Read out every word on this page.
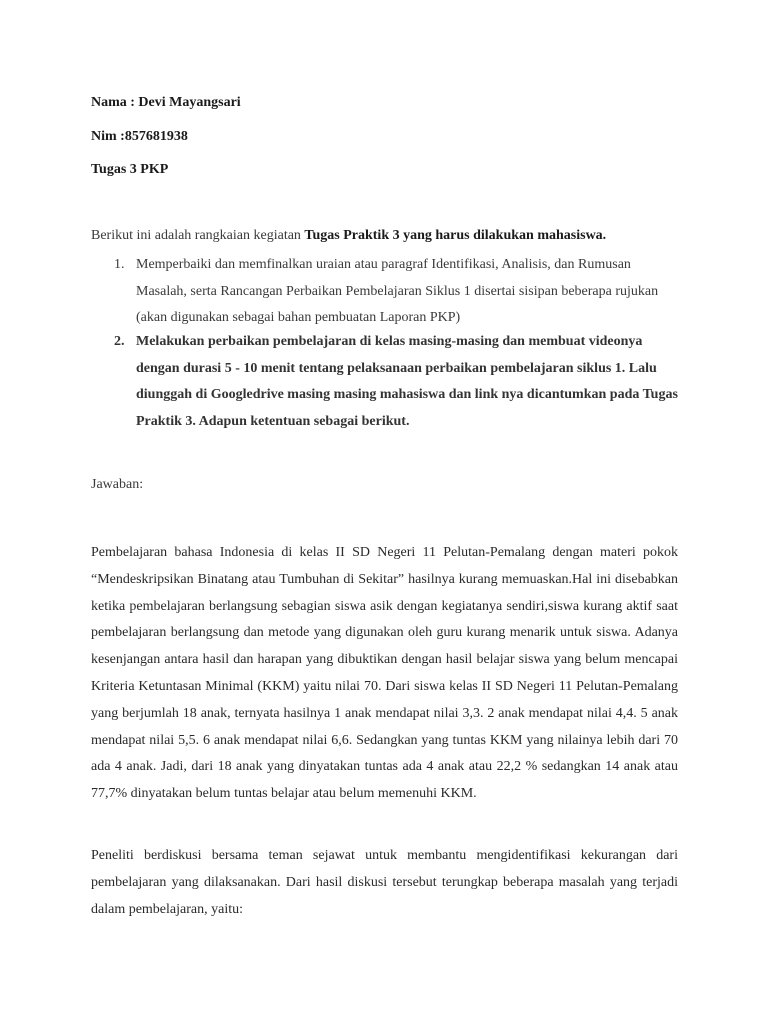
Nama : Devi Mayangsari
Nim :857681938
Tugas 3 PKP
Berikut ini adalah rangkaian kegiatan Tugas Praktik 3 yang harus dilakukan mahasiswa.
1. Memperbaiki dan memfinalkan uraian atau paragraf Identifikasi, Analisis, dan Rumusan Masalah, serta Rancangan Perbaikan Pembelajaran Siklus 1 disertai sisipan beberapa rujukan (akan digunakan sebagai bahan pembuatan Laporan PKP)
2. Melakukan perbaikan pembelajaran di kelas masing-masing dan membuat videonya dengan durasi 5 - 10 menit tentang pelaksanaan perbaikan pembelajaran siklus 1. Lalu diunggah di Googledrive masing masing mahasiswa dan link nya dicantumkan pada Tugas Praktik 3. Adapun ketentuan sebagai berikut.
Jawaban:
Pembelajaran bahasa Indonesia di kelas II SD Negeri 11 Pelutan-Pemalang dengan materi pokok “Mendeskripsikan Binatang atau Tumbuhan di Sekitar” hasilnya kurang memuaskan.Hal ini disebabkan ketika pembelajaran berlangsung sebagian siswa asik dengan kegiatanya sendiri,siswa kurang aktif saat pembelajaran berlangsung dan metode yang digunakan oleh guru kurang menarik untuk siswa. Adanya kesenjangan antara hasil dan harapan yang dibuktikan dengan hasil belajar siswa yang belum mencapai Kriteria Ketuntasan Minimal (KKM) yaitu nilai 70. Dari siswa kelas II SD Negeri 11 Pelutan-Pemalang yang berjumlah 18 anak, ternyata hasilnya 1 anak mendapat nilai 3,3. 2 anak mendapat nilai 4,4. 5 anak mendapat nilai 5,5. 6 anak mendapat nilai 6,6. Sedangkan yang tuntas KKM yang nilainya lebih dari 70 ada 4 anak. Jadi, dari 18 anak yang dinyatakan tuntas ada 4 anak atau 22,2 % sedangkan 14 anak atau 77,7% dinyatakan belum tuntas belajar atau belum memenuhi KKM.
Peneliti berdiskusi bersama teman sejawat untuk membantu mengidentifikasi kekurangan dari pembelajaran yang dilaksanakan. Dari hasil diskusi tersebut terungkap beberapa masalah yang terjadi dalam pembelajaran, yaitu:
